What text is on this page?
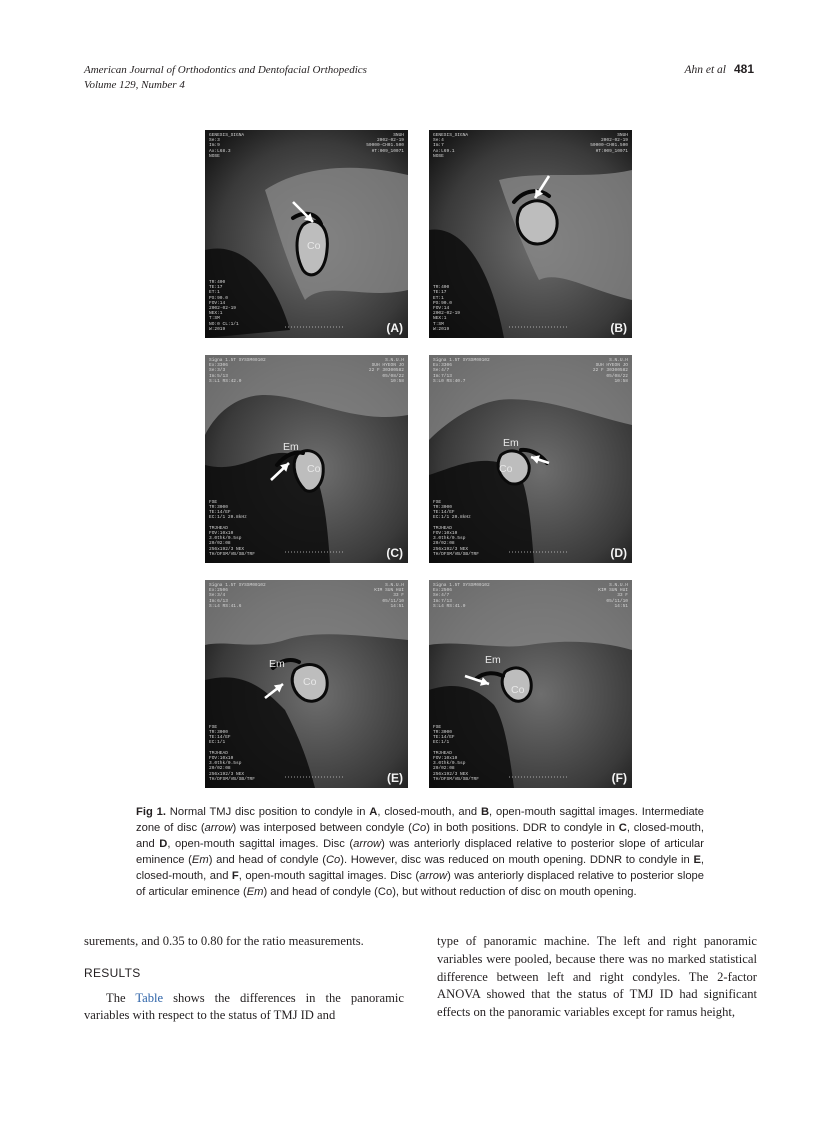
American Journal of Orthodontics and Dentofacial Orthopedics
Volume 129, Number 4
Ahn et al 481
GENESIS_SIGNA
Se:3
Im:9
Ax:L68.3
NOSE
SNUH
2002-02-19
50000-CH01.500
HT:009_10071
TR:400
TE:17
ET:1
PS:90.0
FOV:14
2002-02-19
NEX:1
T:SM
NO:0 CL:1/1
W:2019
Co
(A)
GENESIS_SIGNA
Se:4
Im:7
Ax:L69.1
NOSE
SNUH
2002-02-19
50000-CH01.500
HT:009_10071
TR:400
TE:17
ET:1
PS:90.0
FOV:14
2002-02-19
NEX:1
T:SM
W:2019	(B)
Signa 1.5T SYSSM00102
Ex:3306
Se:3/3
Im:5/13
S:L1 RS:42.0
S.N.U.H
SUH HYEON JO
22 F 30300582
05/08/22
10:58
FSE
TR:3000
TE:14/EF
EC:1/1 20.8kHz

TMJHEAD
FOV:10x10
3.0thk/0.5sp
20/02:08
256x192/3 NEX
TH/DFSM/VB/SB/TRF
Em
Co
(C)
Signa 1.5T SYSSM00102
Ex:3306
Se:4/7
Im:7/13
S:L0 RS:40.7
S.N.U.H
SUH HYEON JO
22 F 30300582
05/08/22
10:58
FSE
TR:3000
TE:14/EF
EC:1/1 20.8kHz

TMJHEAD
FOV:10x10
3.0thk/0.5sp
20/02:08
256x192/3 NEX
TH/DFSM/VB/SB/TRF
Em
Co
(D)
Signa 1.5T SYSSM00102
Ex:2506
Se:3/4
Im:6/13
S:L4 RS:41.6
S.N.U.H
KIM SUN HUI
33 F
05/11/10
14:51
FSE
TR:3000
TE:14/EF
EC:1/1

TMJHEAD
FOV:10x10
3.0thk/0.5sp
20/02:08
256x192/3 NEX
TH/DFSM/VB/SB/TRF
Em
Co
(E)
Signa 1.5T SYSSM00102
Ex:2506
Se:4/7
Im:7/13
S:L4 RS:41.0
S.N.U.H
KIM SUN HUI
33 F
05/11/10
14:51
FSE
TR:3000
TE:14/EF
EC:1/1

TMJHEAD
FOV:10x10
3.0thk/0.5sp
20/02:08
256x192/3 NEX
TH/DFSM/VB/SB/TRF
Em
Co
(F)
Fig 1. Normal TMJ disc position to condyle in A, closed-mouth, and B, open-mouth sagittal images. Intermediate zone of disc (arrow) was interposed between condyle (Co) in both positions. DDR to condyle in C, closed-mouth, and D, open-mouth sagittal images. Disc (arrow) was anteriorly displaced relative to posterior slope of articular eminence (Em) and head of condyle (Co). However, disc was reduced on mouth opening. DDNR to condyle in E, closed-mouth, and F, open-mouth sagittal images. Disc (arrow) was anteriorly displaced relative to posterior slope of articular eminence (Em) and head of condyle (Co), but without reduction of disc on mouth opening.

surements, and 0.35 to 0.80 for the ratio measurements.

RESULTS

The Table shows the differences in the panoramic variables with respect to the status of TMJ ID and

type of panoramic machine. The left and right panoramic variables were pooled, because there was no marked statistical difference between left and right condyles. The 2-factor ANOVA showed that the status of TMJ ID had significant effects on the panoramic variables except for ramus height,
